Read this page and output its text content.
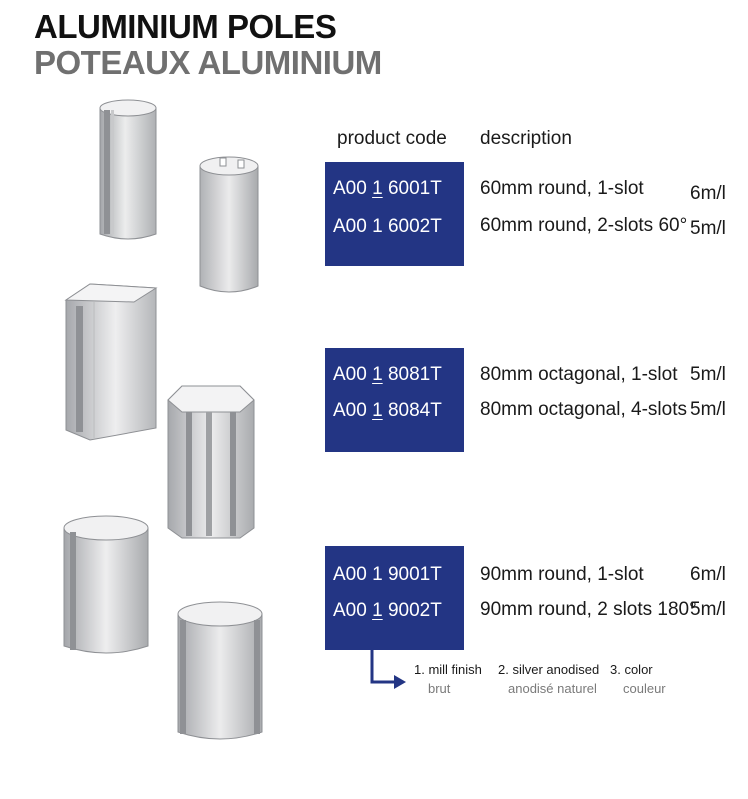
ALUMINIUM POLES
POTEAUX ALUMINIUM
product code description
A00 1 6001T
A00 1 6002T
60mm round, 1-slot 6m/l
60mm round, 2-slots 60° 5m/l
A00 1 8081T
A00 1 8084T
80mm octagonal, 1-slot 5m/l
80mm octagonal, 4-slots 5m/l
A00 1 9001T
A00 1 9002T
90mm round, 1-slot 6m/l
90mm round, 2 slots 180°
5m/l
1. mill finish
brut
2. silver anodised
anodisé naturel
3. color
couleur
